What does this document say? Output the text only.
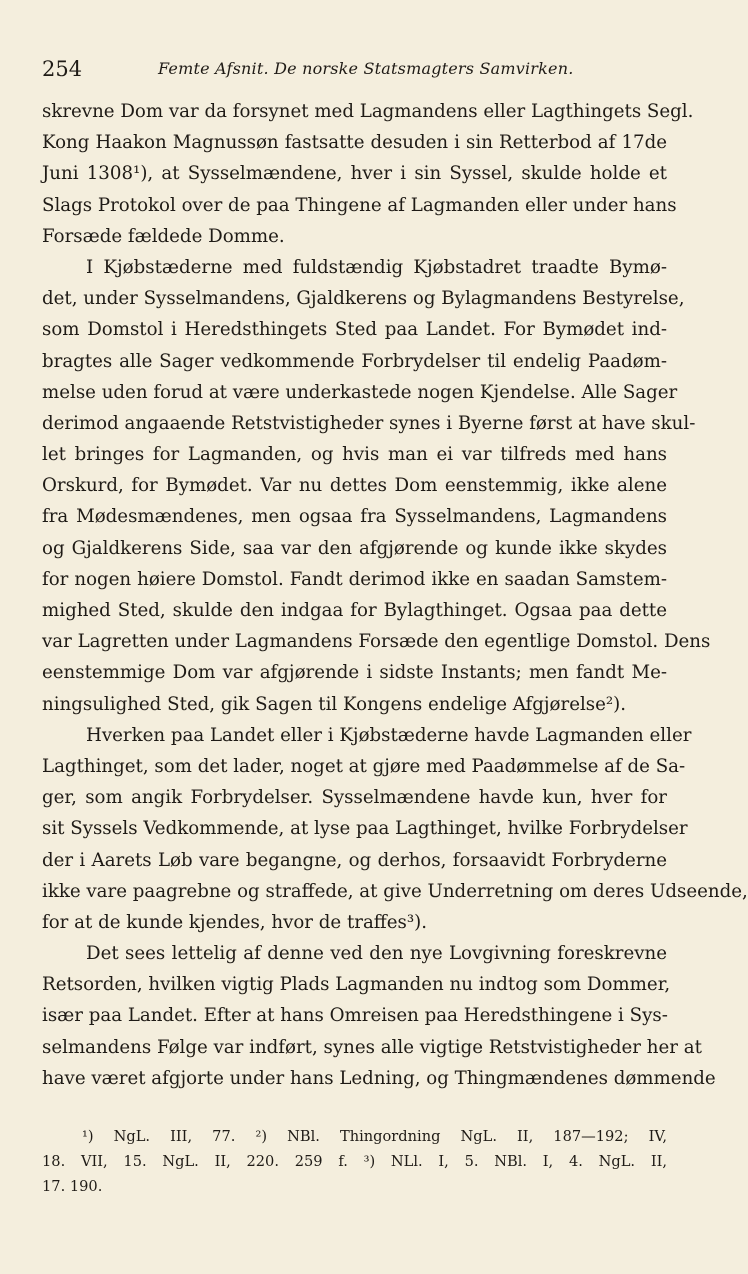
254	Femte Afsnit. De norske Statsmagters Samvirken.
skrevne Dom var da forsynet med Lagmandens eller Lagthingets Segl.
Kong Haakon Magnussøn fastsatte desuden i sin Retterbod af 17de
Juni 1308¹), at Sysselmændene, hver i sin Syssel, skulde holde et
Slags Protokol over de paa Thingene af Lagmanden eller under hans
Forsæde fældede Domme.
I Kjøbstæderne med fuldstændig Kjøbstadret traadte Bymø-
det, under Sysselmandens, Gjaldkerens og Bylagmandens Bestyrelse,
som Domstol i Heredsthingets Sted paa Landet. For Bymødet ind-
bragtes alle Sager vedkommende Forbrydelser til endelig Paadøm-
melse uden forud at være underkastede nogen Kjendelse. Alle Sager
derimod angaaende Retstvistigheder synes i Byerne først at have skul-
let bringes for Lagmanden, og hvis man ei var tilfreds med hans
Orskurd, for Bymødet. Var nu dettes Dom eenstemmig, ikke alene
fra Mødesmændenes, men ogsaa fra Sysselmandens, Lagmandens
og Gjaldkerens Side, saa var den afgjørende og kunde ikke skydes
for nogen høiere Domstol. Fandt derimod ikke en saadan Samstem-
mighed Sted, skulde den indgaa for Bylagthinget. Ogsaa paa dette
var Lagretten under Lagmandens Forsæde den egentlige Domstol. Dens
eenstemmige Dom var afgjørende i sidste Instants; men fandt Me-
ningsulighed Sted, gik Sagen til Kongens endelige Afgjørelse²).
Hverken paa Landet eller i Kjøbstæderne havde Lagmanden eller
Lagthinget, som det lader, noget at gjøre med Paadømmelse af de Sa-
ger, som angik Forbrydelser. Sysselmændene havde kun, hver for
sit Syssels Vedkommende, at lyse paa Lagthinget, hvilke Forbrydelser
der i Aarets Løb vare begangne, og derhos, forsaavidt Forbryderne
ikke vare paagrebne og straffede, at give Underretning om deres Udseende,
for at de kunde kjendes, hvor de traffes³).
Det sees lettelig af denne ved den nye Lovgivning foreskrevne
Retsorden, hvilken vigtig Plads Lagmanden nu indtog som Dommer,
især paa Landet. Efter at hans Omreisen paa Heredsthingene i Sys-
selmandens Følge var indført, synes alle vigtige Retstvistigheder her at
have været afgjorte under hans Ledning, og Thingmændenes dømmende
¹) NgL. III, 77. ²) NBl. Thingordning NgL. II, 187—192; IV,
18. VII, 15. NgL. II, 220. 259 f. ³) NLl. I, 5. NBl. I, 4. NgL. II,
17. 190.
